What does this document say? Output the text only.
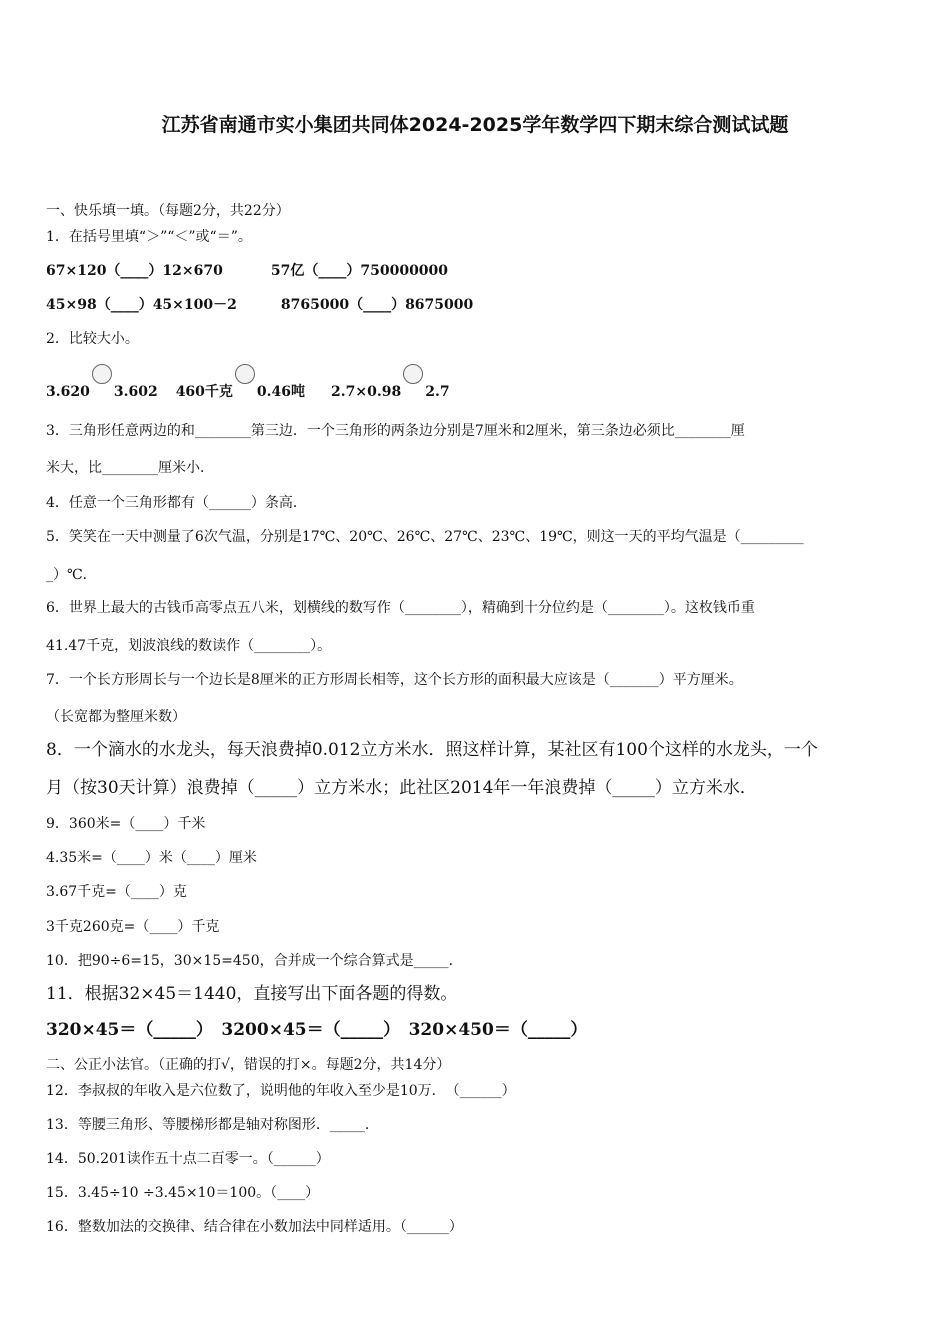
江苏省南通市实小集团共同体2024-2025学年数学四下期末综合测试试题
一、快乐填一填。（每题2分，共22分）
1．在括号里填“＞”“＜”或“＝”。
67×120（____）12×670	57亿（____）750000000
45×98（____）45×100－2	8765000（____）8675000
2．比较大小。
3.620 3.602 460千克 0.46吨 2.7×0.98 2.7
3．三角形任意两边的和________第三边．一个三角形的两条边分别是7厘米和2厘米，第三条边必须比________厘
米大，比________厘米小．
4．任意一个三角形都有（______）条高．
5．笑笑在一天中测量了6次气温，分别是17℃、20℃、26℃、27℃、23℃、19℃，则这一天的平均气温是（_________
_）℃．
6．世界上最大的古钱币高零点五八米，划横线的数写作（________），精确到十分位约是（________）。这枚钱币重
41.47千克，划波浪线的数读作（________）。
7．一个长方形周长与一个边长是8厘米的正方形周长相等，这个长方形的面积最大应该是（_______）平方厘米。
（长宽都为整厘米数）
8．一个滴水的水龙头，每天浪费掉0.012立方米水．照这样计算，某社区有100个这样的水龙头，一个
月（按30天计算）浪费掉（_____）立方米水；此社区2014年一年浪费掉（_____）立方米水．
9．360米=（____）千米
4.35米=（____）米（____）厘米
3.67千克=（____）克
3千克260克=（____）千克
10．把90÷6=15，30×15=450，合并成一个综合算式是_____．
11．根据32×45＝1440，直接写出下面各题的得数。
320×45＝（_____）　3200×45＝（_____）　320×450＝（_____）
二、公正小法官。（正确的打√，错误的打×。每题2分，共14分）
12．李叔叔的年收入是六位数了，说明他的年收入至少是10万．　（______）
13．等腰三角形、等腰梯形都是轴对称图形．_____．
14．50.201读作五十点二百零一。（______）
15．3.45÷10 ÷3.45×10＝100。（____）
16．整数加法的交换律、结合律在小数加法中同样适用。（______）
